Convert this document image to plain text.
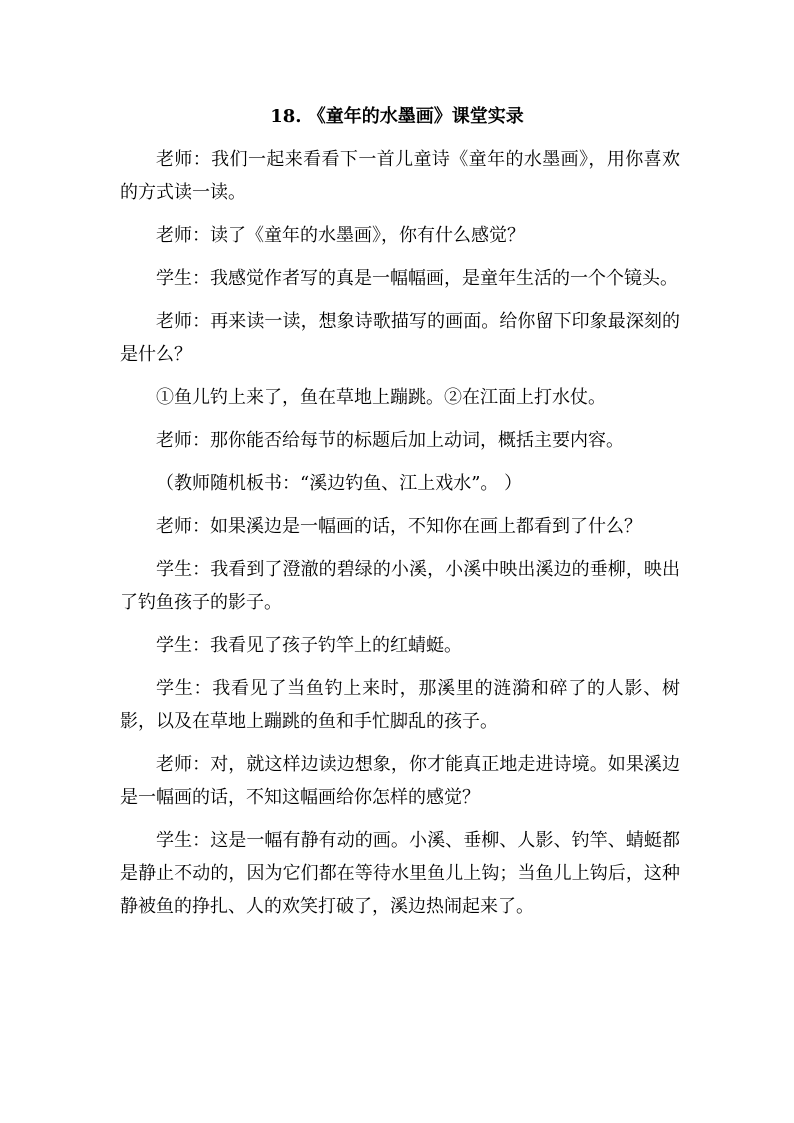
18. 《童年的水墨画》课堂实录

老师：我们一起来看看下一首儿童诗《童年的水墨画》，用你喜欢的方式读一读。

老师：读了《童年的水墨画》，你有什么感觉？

学生：我感觉作者写的真是一幅幅画，是童年生活的一个个镜头。

老师：再来读一读，想象诗歌描写的画面。给你留下印象最深刻的是什么？

①鱼儿钓上来了，鱼在草地上蹦跳。②在江面上打水仗。

老师：那你能否给每节的标题后加上动词，概括主要内容。

（教师随机板书：“溪边钓鱼、江上戏水”。 ）

老师：如果溪边是一幅画的话，不知你在画上都看到了什么？

学生：我看到了澄澈的碧绿的小溪，小溪中映出溪边的垂柳，映出了钓鱼孩子的影子。

学生：我看见了孩子钓竿上的红蜻蜓。

学生：我看见了当鱼钓上来时，那溪里的涟漪和碎了的人影、树影，以及在草地上蹦跳的鱼和手忙脚乱的孩子。

老师：对，就这样边读边想象，你才能真正地走进诗境。如果溪边是一幅画的话，不知这幅画给你怎样的感觉？

学生：这是一幅有静有动的画。小溪、垂柳、人影、钓竿、蜻蜓都是静止不动的，因为它们都在等待水里鱼儿上钩；当鱼儿上钩后，这种静被鱼的挣扎、人的欢笑打破了，溪边热闹起来了。
